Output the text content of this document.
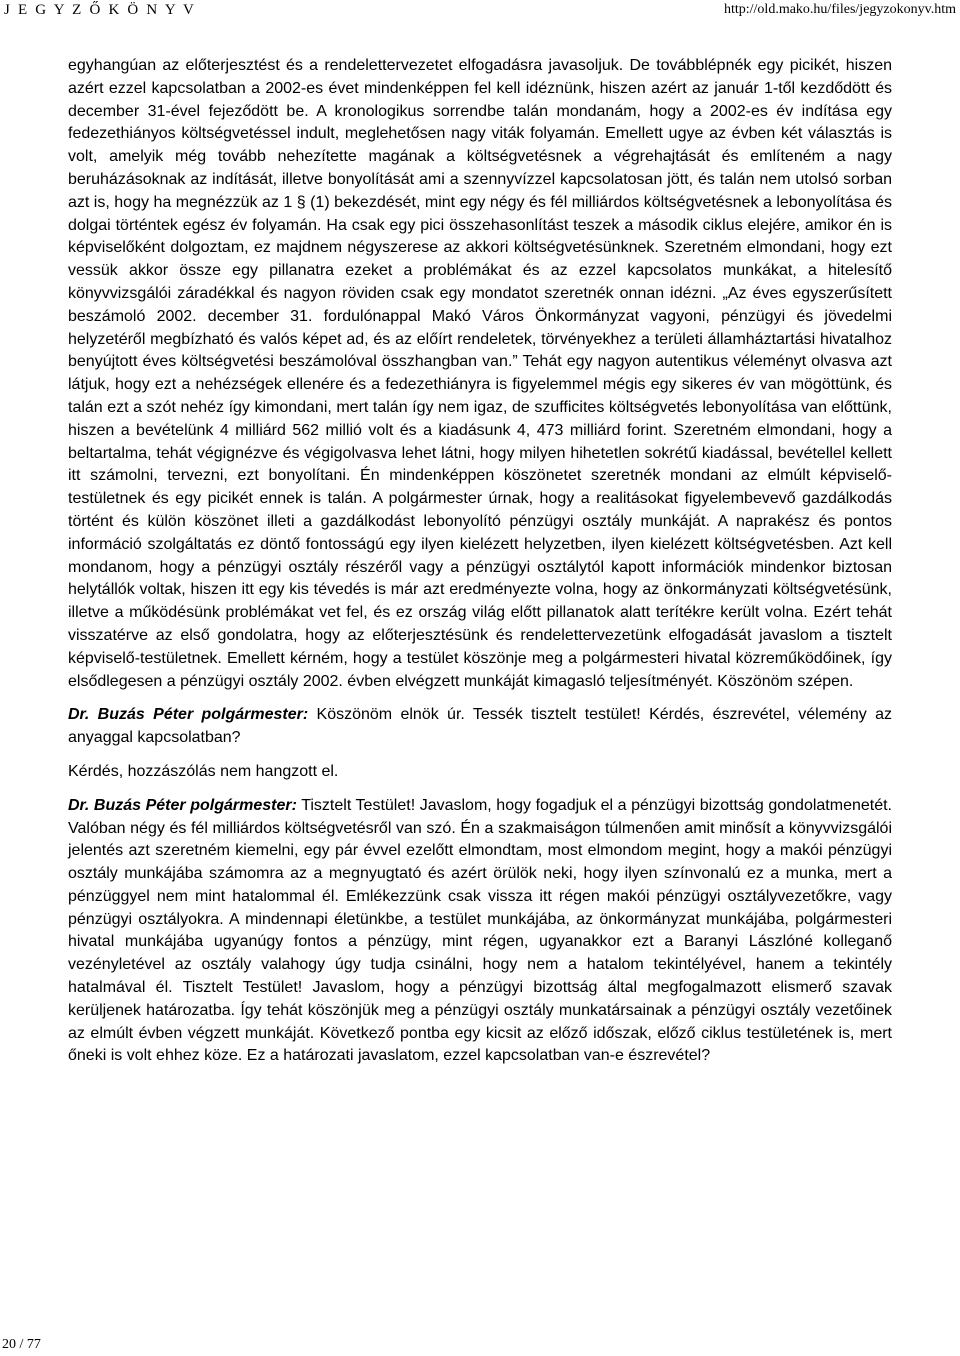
J E G Y Z Ő K Ö N Y V	http://old.mako.hu/files/jegyzokonyv.htm

egyhangúan az előterjesztést és a rendelettervezetet elfogadásra javasoljuk. De továbblépnék egy picikét, hiszen azért ezzel kapcsolatban a 2002-es évet mindenképpen fel kell idéznünk, hiszen azért az január 1-től kezdődött és december 31-ével fejeződött be. A kronologikus sorrendbe talán mondanám, hogy a 2002-es év indítása egy fedezethiányos költségvetéssel indult, meglehetősen nagy viták folyamán. Emellett ugye az évben két választás is volt, amelyik még tovább nehezítette magának a költségvetésnek a végrehajtását és említeném a nagy beruházásoknak az indítását, illetve bonyolítását ami a szennyvízzel kapcsolatosan jött, és talán nem utolsó sorban azt is, hogy ha megnézzük az 1 § (1) bekezdését, mint egy négy és fél milliárdos költségvetésnek a lebonyolítása és dolgai történtek egész év folyamán. Ha csak egy pici összehasonlítást teszek a második ciklus elejére, amikor én is képviselőként dolgoztam, ez majdnem négyszerese az akkori költségvetésünknek. Szeretném elmondani, hogy ezt vessük akkor össze egy pillanatra ezeket a problémákat és az ezzel kapcsolatos munkákat, a hitelesítő könyvvizsgálói záradékkal és nagyon röviden csak egy mondatot szeretnék onnan idézni. „Az éves egyszerűsített beszámoló 2002. december 31. fordulónappal Makó Város Önkormányzat vagyoni, pénzügyi és jövedelmi helyzetéről megbízható és valós képet ad, és az előírt rendeletek, törvényekhez a területi államháztartási hivatalhoz benyújtott éves költségvetési beszámolóval összhangban van.” Tehát egy nagyon autentikus véleményt olvasva azt látjuk, hogy ezt a nehézségek ellenére és a fedezethiányra is figyelemmel mégis egy sikeres év van mögöttünk, és talán ezt a szót nehéz így kimondani, mert talán így nem igaz, de szufficites költségvetés lebonyolítása van előttünk, hiszen a bevételünk 4 milliárd 562 millió volt és a kiadásunk 4, 473 milliárd forint. Szeretném elmondani, hogy a beltartalma, tehát végignézve és végigolvasva lehet látni, hogy milyen hihetetlen sokrétű kiadással, bevétellel kellett itt számolni, tervezni, ezt bonyolítani. Én mindenképpen köszönetet szeretnék mondani az elmúlt képviselő-testületnek és egy picikét ennek is talán. A polgármester úrnak, hogy a realitásokat figyelembevevő gazdálkodás történt és külön köszönet illeti a gazdálkodást lebonyolító pénzügyi osztály munkáját. A naprakész és pontos információ szolgáltatás ez döntő fontosságú egy ilyen kielézett helyzetben, ilyen kielézett költségvetésben. Azt kell mondanom, hogy a pénzügyi osztály részéről vagy a pénzügyi osztálytól kapott információk mindenkor biztosan helytállók voltak, hiszen itt egy kis tévedés is már azt eredményezte volna, hogy az önkormányzati költségvetésünk, illetve a működésünk problémákat vet fel, és ez ország világ előtt pillanatok alatt terítékre került volna. Ezért tehát visszatérve az első gondolatra, hogy az előterjesztésünk és rendelettervezetünk elfogadását javaslom a tisztelt képviselő-testületnek. Emellett kérném, hogy a testület köszönje meg a polgármesteri hivatal közreműködőinek, így elsődlegesen a pénzügyi osztály 2002. évben elvégzett munkáját kimagasló teljesítményét. Köszönöm szépen.

Dr. Buzás Péter polgármester: Köszönöm elnök úr. Tessék tisztelt testület! Kérdés, észrevétel, vélemény az anyaggal kapcsolatban?

Kérdés, hozzászólás nem hangzott el.

Dr. Buzás Péter polgármester: Tisztelt Testület! Javaslom, hogy fogadjuk el a pénzügyi bizottság gondolatmenetét. Valóban négy és fél milliárdos költségvetésről van szó. Én a szakmaiságon túlmenően amit minősít a könyvvizsgálói jelentés azt szeretném kiemelni, egy pár évvel ezelőtt elmondtam, most elmondom megint, hogy a makói pénzügyi osztály munkájába számomra az a megnyugtató és azért örülök neki, hogy ilyen színvonalú ez a munka, mert a pénzüggyel nem mint hatalommal él. Emlékezzünk csak vissza itt régen makói pénzügyi osztályvezetőkre, vagy pénzügyi osztályokra. A mindennapi életünkbe, a testület munkájába, az önkormányzat munkájába, polgármesteri hivatal munkájába ugyanúgy fontos a pénzügy, mint régen, ugyanakkor ezt a Baranyi Lászlóné kolleganő vezényletével az osztály valahogy úgy tudja csinálni, hogy nem a hatalom tekintélyével, hanem a tekintély hatalmával él. Tisztelt Testület! Javaslom, hogy a pénzügyi bizottság által megfogalmazott elismerő szavak kerüljenek határozatba. Így tehát köszönjük meg a pénzügyi osztály munkatársainak a pénzügyi osztály vezetőinek az elmúlt évben végzett munkáját. Következő pontba egy kicsit az előző időszak, előző ciklus testületének is, mert őneki is volt ehhez köze. Ez a határozati javaslatom, ezzel kapcsolatban van-e észrevétel?

20 / 77
